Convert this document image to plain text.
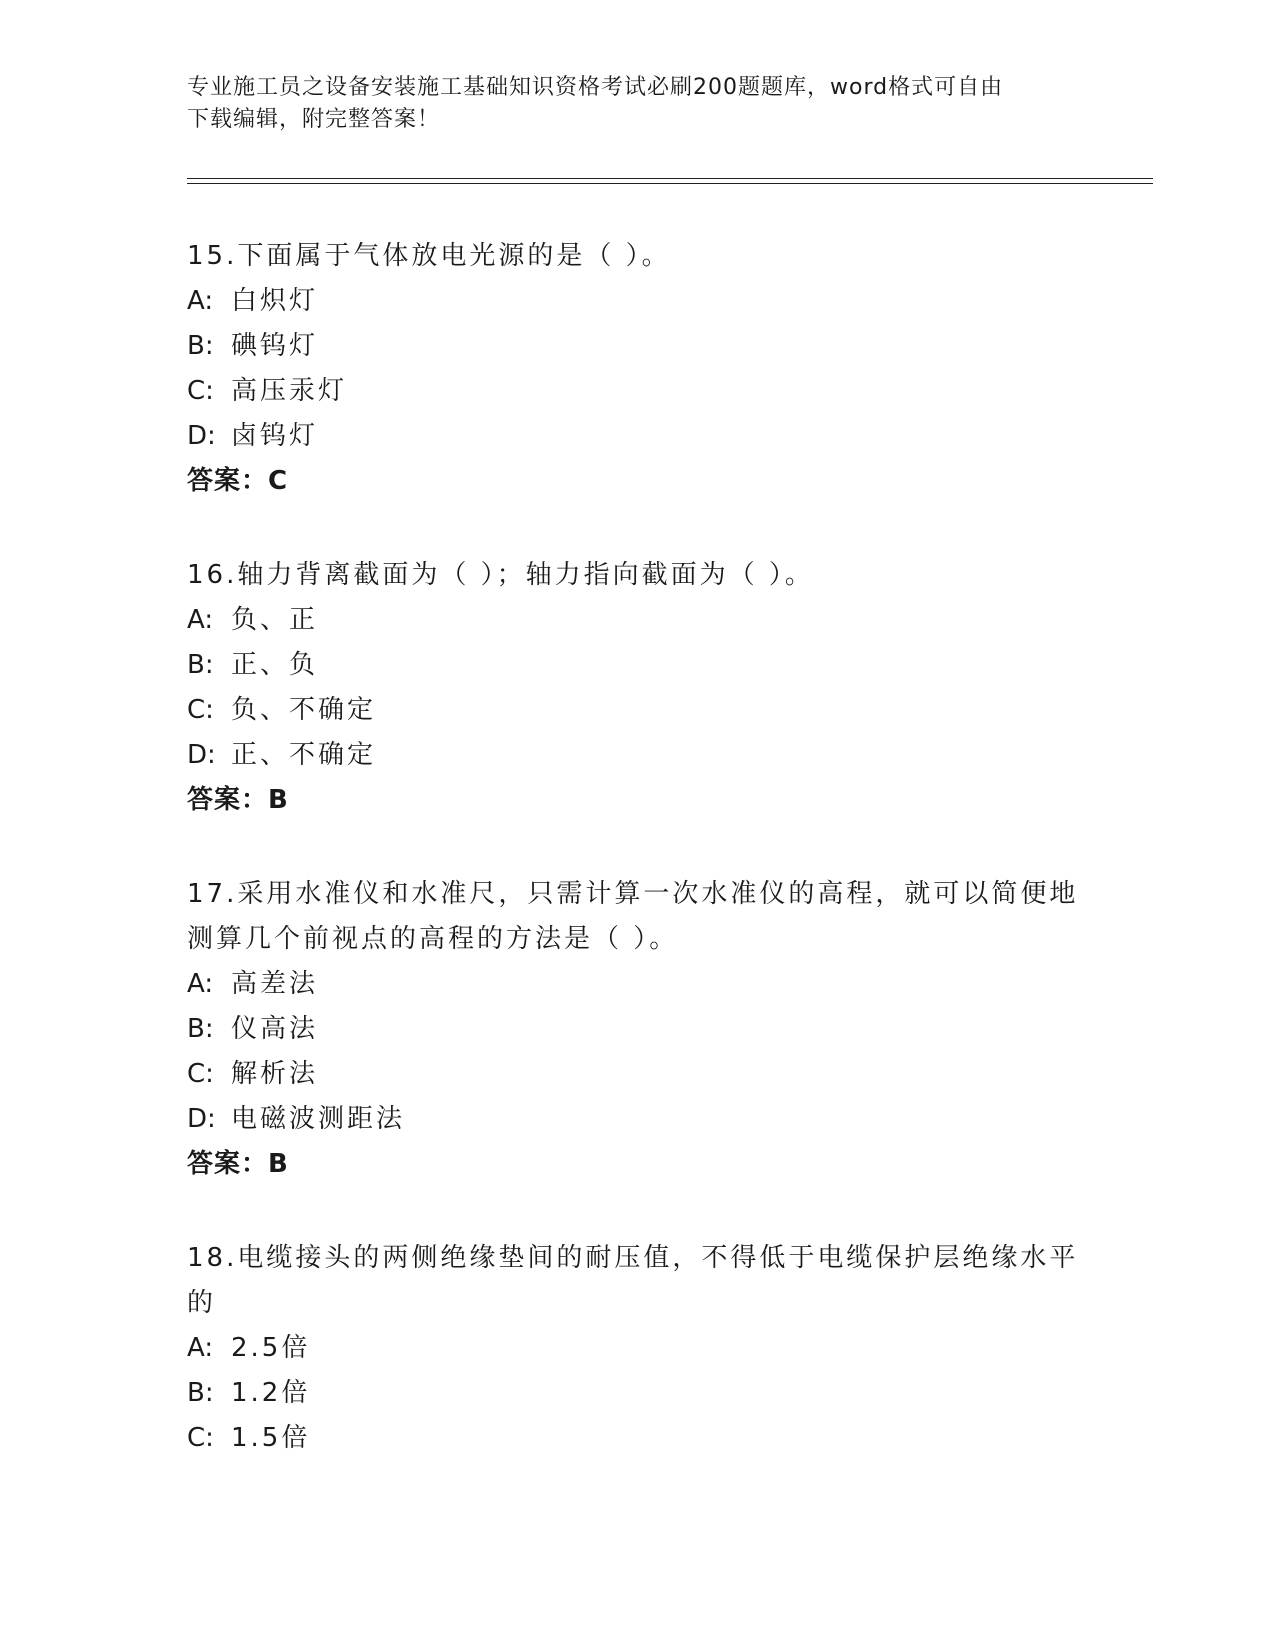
专业施工员之设备安装施工基础知识资格考试必刷200题题库，word格式可自由
下载编辑，附完整答案！
15.下面属于气体放电光源的是（ ）。
A: 白炽灯
B: 碘钨灯
C: 高压汞灯
D: 卤钨灯
答案：C
16.轴力背离截面为（ ）；轴力指向截面为（ ）。
A: 负、正
B: 正、负
C: 负、不确定
D: 正、不确定
答案：B
17.采用水准仪和水准尺，只需计算一次水准仪的高程，就可以简便地
测算几个前视点的高程的方法是（ ）。
A: 高差法
B: 仪高法
C: 解析法
D: 电磁波测距法
答案：B
18.电缆接头的两侧绝缘垫间的耐压值，不得低于电缆保护层绝缘水平
的
A: 2.5倍
B: 1.2倍
C: 1.5倍
